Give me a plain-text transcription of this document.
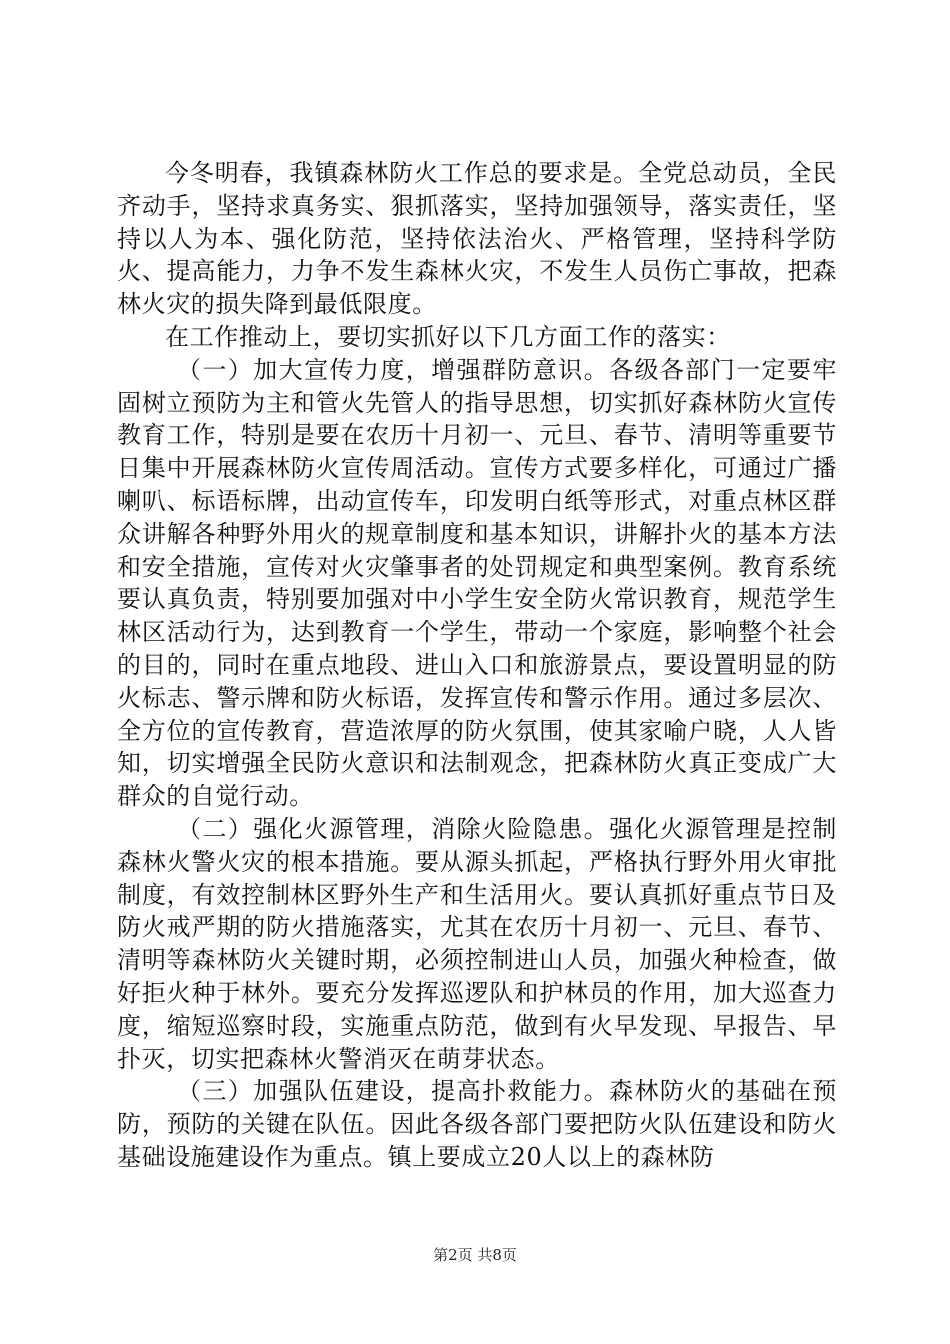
今冬明春，我镇森林防火工作总的要求是。全党总动员，全民齐动手，坚持求真务实、狠抓落实，坚持加强领导，落实责任，坚持以人为本、强化防范，坚持依法治火、严格管理，坚持科学防火、提高能力，力争不发生森林火灾，不发生人员伤亡事故，把森林火灾的损失降到最低限度。

在工作推动上，要切实抓好以下几方面工作的落实：

（一）加大宣传力度，增强群防意识。各级各部门一定要牢固树立预防为主和管火先管人的指导思想，切实抓好森林防火宣传教育工作，特别是要在农历十月初一、元旦、春节、清明等重要节日集中开展森林防火宣传周活动。宣传方式要多样化，可通过广播喇叭、标语标牌，出动宣传车，印发明白纸等形式，对重点林区群众讲解各种野外用火的规章制度和基本知识，讲解扑火的基本方法和安全措施，宣传对火灾肇事者的处罚规定和典型案例。教育系统要认真负责，特别要加强对中小学生安全防火常识教育，规范学生林区活动行为，达到教育一个学生，带动一个家庭，影响整个社会的目的，同时在重点地段、进山入口和旅游景点，要设置明显的防火标志、警示牌和防火标语，发挥宣传和警示作用。通过多层次、全方位的宣传教育，营造浓厚的防火氛围，使其家喻户晓，人人皆知，切实增强全民防火意识和法制观念，把森林防火真正变成广大群众的自觉行动。

（二）强化火源管理，消除火险隐患。强化火源管理是控制森林火警火灾的根本措施。要从源头抓起，严格执行野外用火审批制度，有效控制林区野外生产和生活用火。要认真抓好重点节日及防火戒严期的防火措施落实，尤其在农历十月初一、元旦、春节、清明等森林防火关键时期，必须控制进山人员，加强火种检查，做好拒火种于林外。要充分发挥巡逻队和护林员的作用，加大巡查力度，缩短巡察时段，实施重点防范，做到有火早发现、早报告、早扑灭，切实把森林火警消灭在萌芽状态。

（三）加强队伍建设，提高扑救能力。森林防火的基础在预防，预防的关键在队伍。因此各级各部门要把防火队伍建设和防火基础设施建设作为重点。镇上要成立20人以上的森林防

第2页 共8页
